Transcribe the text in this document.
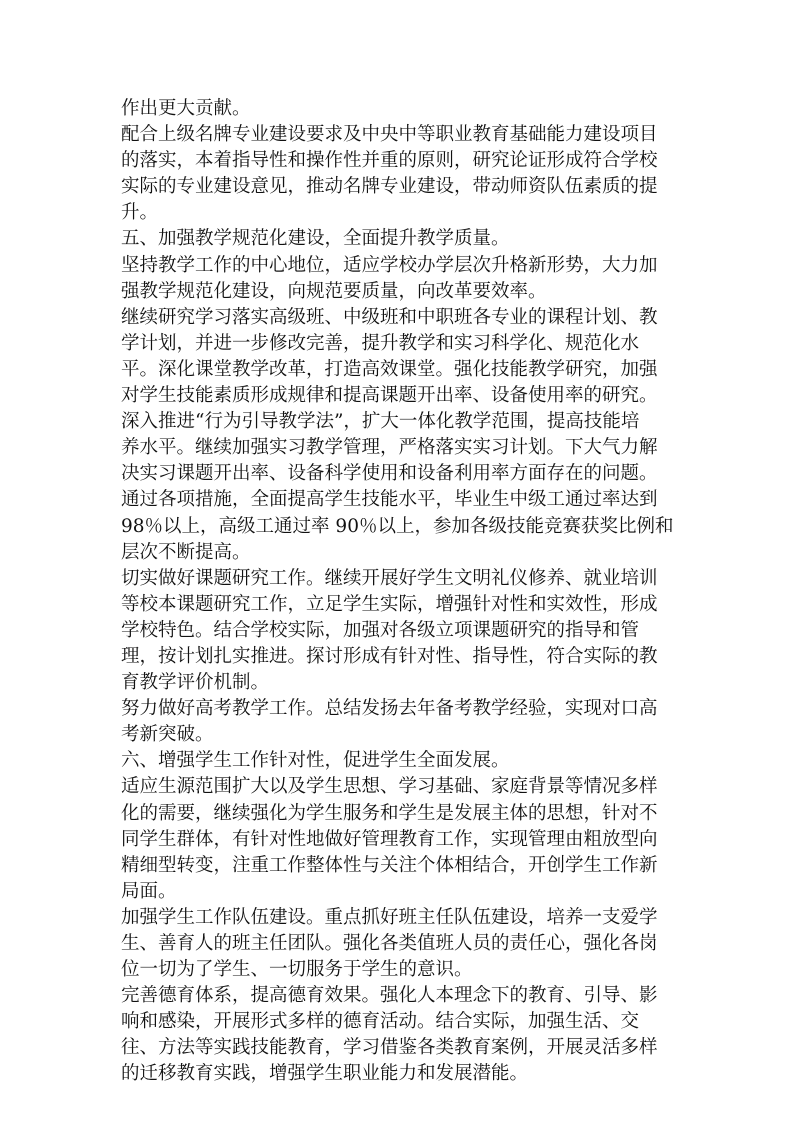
作出更大贡献。
配合上级名牌专业建设要求及中央中等职业教育基础能力建设项目
的落实，本着指导性和操作性并重的原则，研究论证形成符合学校
实际的专业建设意见，推动名牌专业建设，带动师资队伍素质的提
升。
五、加强教学规范化建设，全面提升教学质量。
坚持教学工作的中心地位，适应学校办学层次升格新形势，大力加
强教学规范化建设，向规范要质量，向改革要效率。
继续研究学习落实高级班、中级班和中职班各专业的课程计划、教
学计划，并进一步修改完善，提升教学和实习科学化、规范化水
平。深化课堂教学改革，打造高效课堂。强化技能教学研究，加强
对学生技能素质形成规律和提高课题开出率、设备使用率的研究。
深入推进“行为引导教学法”，扩大一体化教学范围，提高技能培
养水平。继续加强实习教学管理，严格落实实习计划。下大气力解
决实习课题开出率、设备科学使用和设备利用率方面存在的问题。
通过各项措施，全面提高学生技能水平，毕业生中级工通过率达到
98％以上，高级工通过率 90％以上，参加各级技能竞赛获奖比例和
层次不断提高。
切实做好课题研究工作。继续开展好学生文明礼仪修养、就业培训
等校本课题研究工作，立足学生实际，增强针对性和实效性，形成
学校特色。结合学校实际，加强对各级立项课题研究的指导和管
理，按计划扎实推进。探讨形成有针对性、指导性，符合实际的教
育教学评价机制。
努力做好高考教学工作。总结发扬去年备考教学经验，实现对口高
考新突破。
六、增强学生工作针对性，促进学生全面发展。
适应生源范围扩大以及学生思想、学习基础、家庭背景等情况多样
化的需要，继续强化为学生服务和学生是发展主体的思想，针对不
同学生群体，有针对性地做好管理教育工作，实现管理由粗放型向
精细型转变，注重工作整体性与关注个体相结合，开创学生工作新
局面。
加强学生工作队伍建设。重点抓好班主任队伍建设，培养一支爱学
生、善育人的班主任团队。强化各类值班人员的责任心，强化各岗
位一切为了学生、一切服务于学生的意识。
完善德育体系，提高德育效果。强化人本理念下的教育、引导、影
响和感染，开展形式多样的德育活动。结合实际，加强生活、交
往、方法等实践技能教育，学习借鉴各类教育案例，开展灵活多样
的迁移教育实践，增强学生职业能力和发展潜能。
